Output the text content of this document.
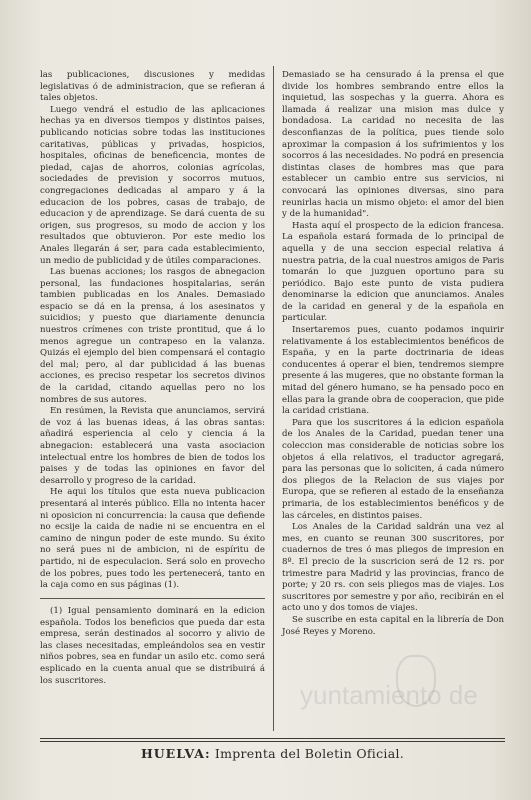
las publicaciones, discusiones y medidas legislativas ó de administracion, que se refieran á tales objetos.

Luego vendrá el estudio de las aplicaciones hechas ya en diversos tiempos y distintos paises, publicando noticias sobre todas las instituciones caritativas, públicas y privadas, hospicios, hospitales, oficinas de beneficencia, montes de piedad, cajas de ahorros, colonias agrícolas, sociedades de prevision y socorros mutuos, congregaciones dedicadas al amparo y á la educacion de los pobres, casas de trabajo, de educacion y de aprendizage. Se dará cuenta de su origen, sus progresos, su modo de accion y los resultados que obtuvieron. Por este medio los Anales llegarán á ser, para cada establecimiento, un medio de publicidad y de útiles comparaciones.

Las buenas acciones; los rasgos de abnegacion personal, las fundaciones hospitalarias, serán tambien publicadas en los Anales. Demasiado espacio se dá en la prensa, á los asesinatos y suicidios; y puesto que diariamente denuncia nuestros crímenes con triste prontitud, que á lo menos agregue un contrapeso en la valanza. Quizás el ejemplo del bien compensará el contagio del mal; pero, al dar publicidad á las buenas acciones, es preciso respetar los secretos divinos de la caridad, citando aquellas pero no los nombres de sus autores.

En resúmen, la Revista que anunciamos, servirá de voz á las buenas ideas, á las obras santas: añadirá esperiencia al celo y ciencia á la abnegacion: establecerá una vasta asociacion intelectual entre los hombres de bien de todos los paises y de todas las opiniones en favor del desarrollo y progreso de la caridad.

He aqui los títulos que esta nueva publicacion presentará al interés público. Ella no intenta hacer ni oposicion ni concurrencia: la causa que defiende no ecsije la caida de nadie ni se encuentra en el camino de ningun poder de este mundo. Su éxito no será pues ni de ambicion, ni de espíritu de partido, ni de especulacion. Será solo en provecho de los pobres, pues todo les pertenecerá, tanto en la caja como en sus páginas (1).

(1) Igual pensamiento dominará en la edicion española. Todos los beneficios que pueda dar esta empresa, serán destinados al socorro y alivio de las clases necesitadas, empleándolos sea en vestir niños pobres, sea en fundar un asilo etc. como será esplicado en la cuenta anual que se distribuirá á los suscritores.

Demasiado se ha censurado á la prensa el que divide los hombres sembrando entre ellos la inquietud, las sospechas y la guerra. Ahora es llamada á realizar una mision mas dulce y bondadosa. La caridad no necesita de las desconfianzas de la política, pues tiende solo aproximar la compasion á los sufrimientos y los socorros á las necesidades. No podrá en presencia distintas clases de hombres mas que para establecer un cambio entre sus servicios, ni convocará las opiniones diversas, sino para reunirlas hacia un mismo objeto: el amor del bien y de la humanidad".

Hasta aquí el prospecto de la edicion francesa. La española estará formada de lo principal de aquella y de una seccion especial relativa á nuestra patria, de la cual nuestros amigos de Paris tomarán lo que juzguen oportuno para su periódico. Bajo este punto de vista pudiera denominarse la edicion que anunciamos. Anales de la caridad en general y de la española en particular.

Insertaremos pues, cuanto podamos inquirir relativamente á los establecimientos benéficos de España, y en la parte doctrinaria de ideas conducentes á operar el bien, tendremos siempre presente á las mugeres, que no obstante forman la mitad del género humano, se ha pensado poco en ellas para la grande obra de cooperacion, que pide la caridad cristiana.

Para que los suscritores á la edicion española de los Anales de la Caridad, puedan tener una coleccion mas considerable de noticias sobre los objetos á ella relativos, el traductor agregará, para las personas que lo soliciten, á cada número dos pliegos de la Relacion de sus viajes por Europa, que se refieren al estado de la enseñanza primaria, de los establecimientos benéficos y de las cárceles, en distintos paises.

Los Anales de la Caridad saldrán una vez al mes, en cuanto se reunan 300 suscritores, por cuadernos de tres ó mas pliegos de impresion en 8º. El precio de la suscricion será de 12 rs. por trimestre para Madrid y las provincias, franco de porte; y 20 rs. con seis pliegos mas de viajes. Los suscritores por semestre y por año, recibirán en el acto uno y dos tomos de viajes.

Se suscribe en esta capital en la librería de Don José Reyes y Moreno.

yuntamiento de
HUELVA: Imprenta del Boletin Oficial.
